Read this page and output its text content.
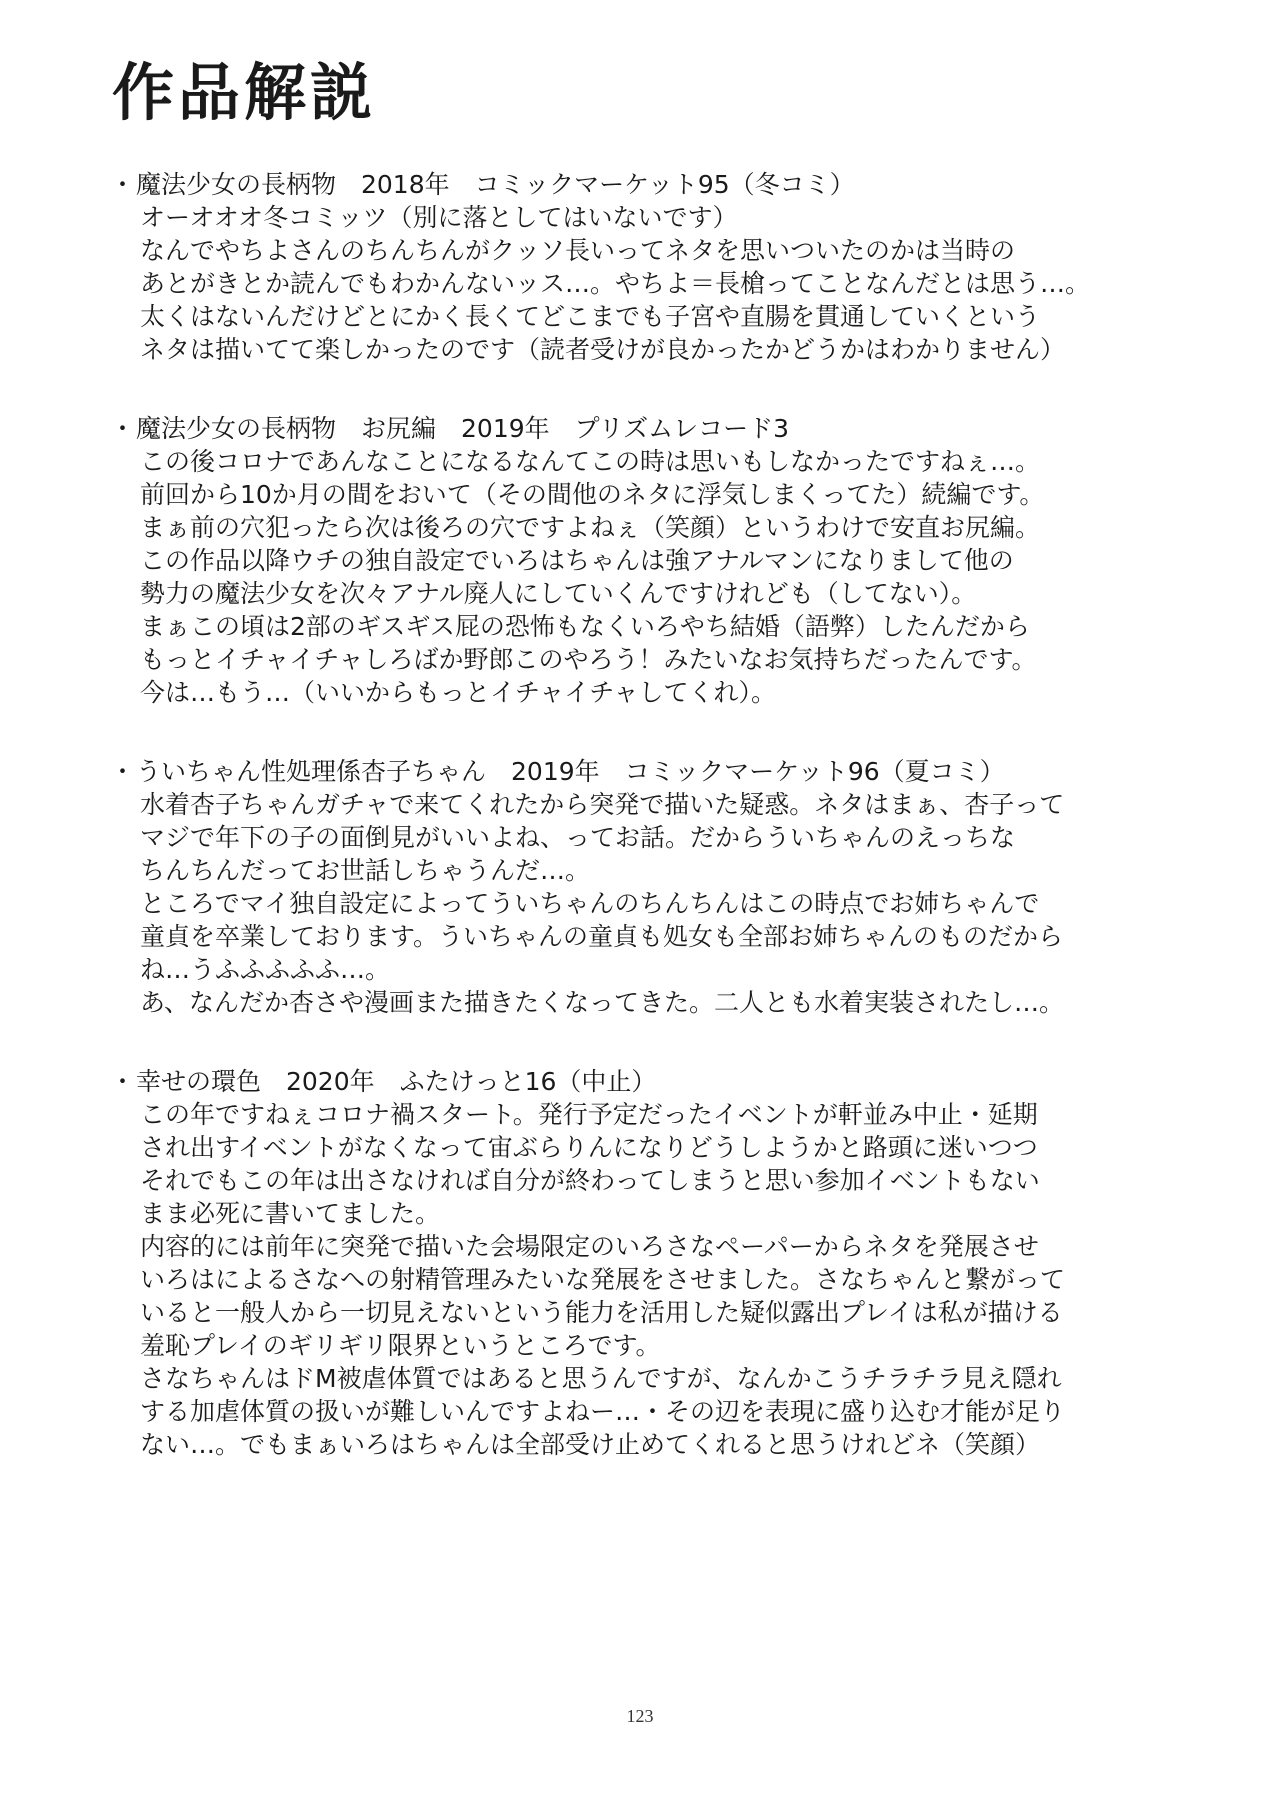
作品解説
・ 魔法少女の長柄物　2018年　コミックマーケット95（冬コミ）

オーオオオ冬コミッツ（別に落としてはいないです）

なんでやちよさんのちんちんがクッソ長いってネタを思いついたのかは当時の

あとがきとか読んでもわかんないッス…。やちよ＝長槍ってことなんだとは思う…。

太くはないんだけどとにかく長くてどこまでも子宮や直腸を貫通していくという

ネタは描いてて楽しかったのです（読者受けが良かったかどうかはわかりません）

・ 魔法少女の長柄物　お尻編　2019年　プリズムレコード3

この後コロナであんなことになるなんてこの時は思いもしなかったですねぇ…。

前回から10か月の間をおいて（その間他のネタに浮気しまくってた）続編です。

まぁ前の穴犯ったら次は後ろの穴ですよねぇ（笑顔）というわけで安直お尻編。

この作品以降ウチの独自設定でいろはちゃんは強アナルマンになりまして他の

勢力の魔法少女を次々アナル廃人にしていくんですけれども（してない）。

まぁこの頃は2部のギスギス屁の恐怖もなくいろやち結婚（語弊）したんだから

もっとイチャイチャしろばか野郎このやろう！みたいなお気持ちだったんです。

今は…もう…（いいからもっとイチャイチャしてくれ）。

・ ういちゃん性処理係杏子ちゃん　2019年　コミックマーケット96（夏コミ）

水着杏子ちゃんガチャで来てくれたから突発で描いた疑惑。ネタはまぁ、杏子って

マジで年下の子の面倒見がいいよね、ってお話。だからういちゃんのえっちな

ちんちんだってお世話しちゃうんだ…。

ところでマイ独自設定によってういちゃんのちんちんはこの時点でお姉ちゃんで

童貞を卒業しております。ういちゃんの童貞も処女も全部お姉ちゃんのものだから

ね…うふふふふふ…。

あ、なんだか杏さや漫画また描きたくなってきた。二人とも水着実装されたし…。

・ 幸せの環色　2020年　ふたけっと16（中止）

この年ですねぇコロナ禍スタート。発行予定だったイベントが軒並み中止・延期

され出すイベントがなくなって宙ぶらりんになりどうしようかと路頭に迷いつつ

それでもこの年は出さなければ自分が終わってしまうと思い参加イベントもない

まま必死に書いてました。

内容的には前年に突発で描いた会場限定のいろさなペーパーからネタを発展させ

いろはによるさなへの射精管理みたいな発展をさせました。さなちゃんと繋がって

いると一般人から一切見えないという能力を活用した疑似露出プレイは私が描ける

羞恥プレイのギリギリ限界というところです。

さなちゃんはドM被虐体質ではあると思うんですが、なんかこうチラチラ見え隠れ

する加虐体質の扱いが難しいんですよねー…・その辺を表現に盛り込む才能が足り

ない…。でもまぁいろはちゃんは全部受け止めてくれると思うけれどネ（笑顔）

123
